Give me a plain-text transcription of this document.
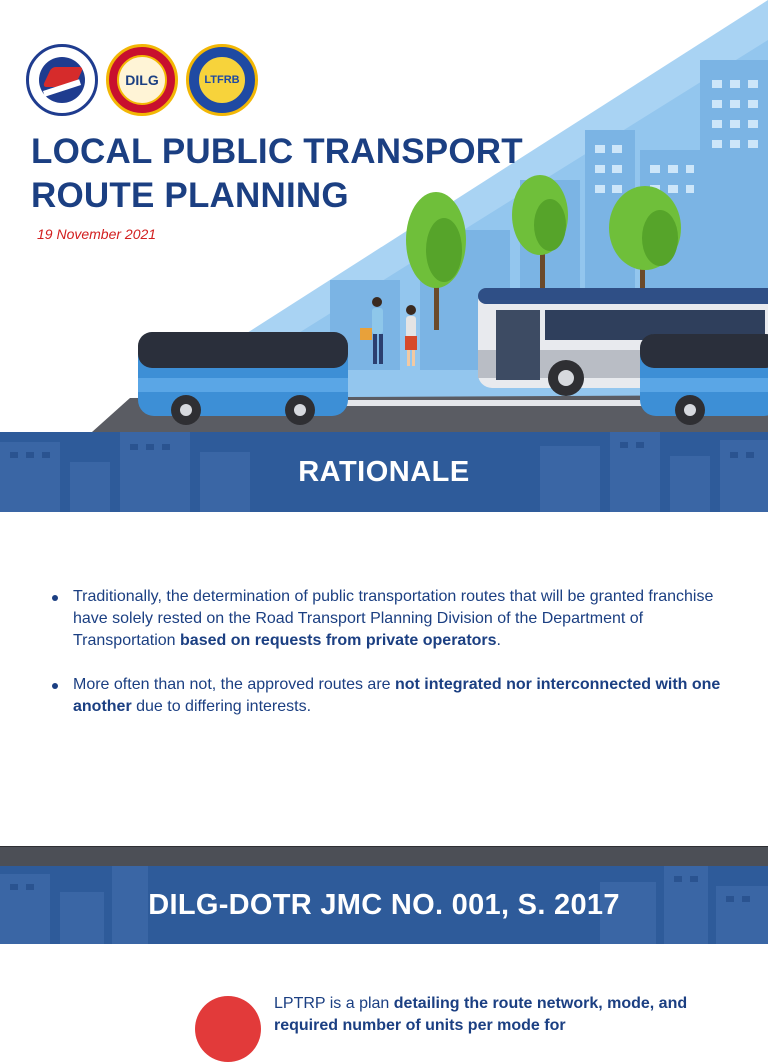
DILG	LTFRB
LOCAL PUBLIC TRANSPORT
ROUTE PLANNING
19 November 2021
RATIONALE
Traditionally, the determination of public transportation routes that will be granted franchise have solely rested on the Road Transport Planning Division of the Department of Transportation based on requests from private operators.
More often than not, the approved routes are not integrated nor interconnected with one another due to differing interests.
DILG-DOTR JMC NO. 001, S. 2017

LPTRP is a plan detailing the route network, mode, and required number of units per mode for
